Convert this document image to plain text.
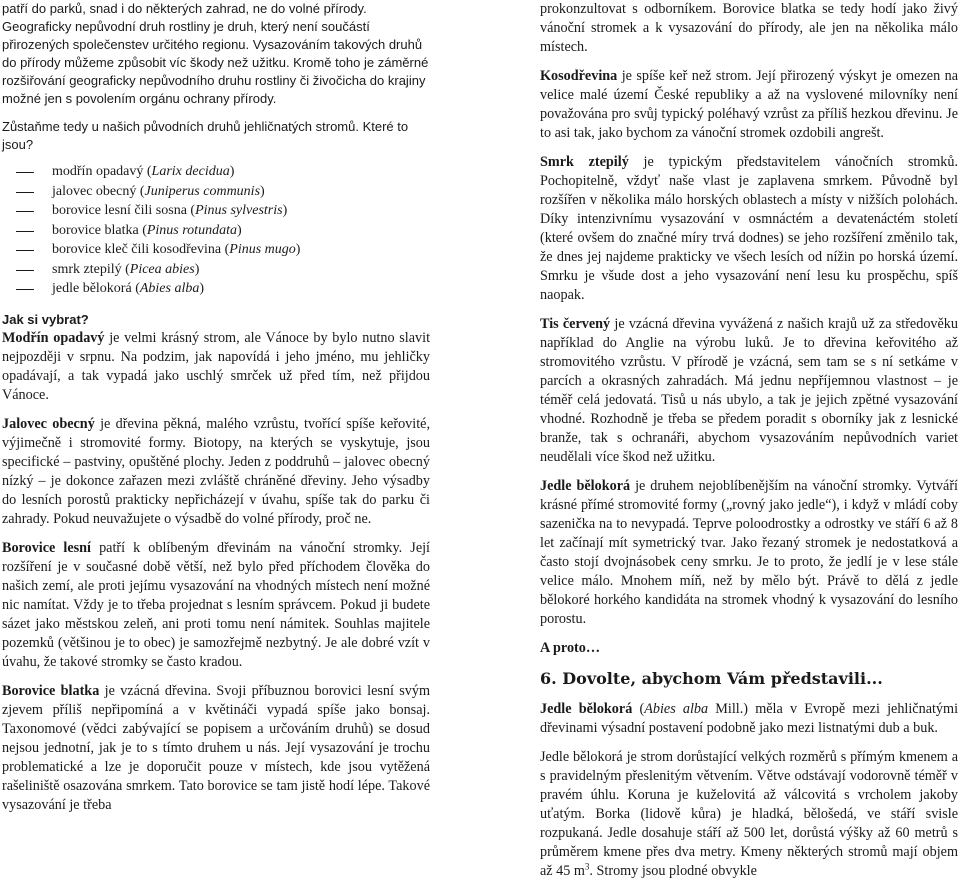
patří do parků, snad i do některých zahrad, ne do volné přírody. Geograficky nepůvodní druh rostliny je druh, který není součástí přirozených společenstev určitého regionu. Vysazováním takových druhů do přírody můžeme způsobit víc škody než užitku. Kromě toho je záměrné rozšiřování geograficky nepůvodního druhu rostliny či živočicha do krajiny možné jen s povolením orgánu ochrany přírody.

Zůstaňme tedy u našich původních druhů jehličnatých stromů. Které to jsou?

modřín opadavý (Larix decidua)
jalovec obecný (Juniperus communis)
borovice lesní čili sosna (Pinus sylvestris)
borovice blatka (Pinus rotundata)
borovice kleč čili kosodřevina (Pinus mugo)
smrk ztepilý (Picea abies)
jedle bělokorá (Abies alba)
Jak si vybrat?

Modřín opadavý je velmi krásný strom, ale Vánoce by bylo nutno slavit nejpozději v srpnu. Na podzim, jak napovídá i jeho jméno, mu jehličky opadávají, a tak vypadá jako uschlý smrček už před tím, než přijdou Vánoce.

Jalovec obecný je dřevina pěkná, malého vzrůstu, tvořící spíše keřovité, výjimečně i stromovité formy. Biotopy, na kterých se vyskytuje, jsou specifické – pastviny, opuštěné plochy. Jeden z poddruhů – jalovec obecný nízký – je dokonce zařazen mezi zvláště chráněné dřeviny. Jeho výsadby do lesních porostů prakticky nepřicházejí v úvahu, spíše tak do parku či zahrady. Pokud neuvažujete o výsadbě do volné přírody, proč ne.

Borovice lesní patří k oblíbeným dřevinám na vánoční stromky. Její rozšíření je v současné době větší, než bylo před příchodem člověka do našich zemí, ale proti jejímu vysazování na vhodných místech není možné nic namítat. Vždy je to třeba projednat s lesním správcem. Pokud ji budete sázet jako městskou zeleň, ani proti tomu není námitek. Souhlas majitele pozemků (většinou je to obec) je samozřejmě nezbytný. Je ale dobré vzít v úvahu, že takové stromky se často kradou.

Borovice blatka je vzácná dřevina. Svoji příbuznou borovici lesní svým zjevem příliš nepřipomíná a v květináči vypadá spíše jako bonsaj. Taxonomové (vědci zabývající se popisem a určováním druhů) se dosud nejsou jednotní, jak je to s tímto druhem u nás. Její vysazování je trochu problematické a lze je doporučit pouze v místech, kde jsou vytěžená rašeliniště osazována smrkem. Tato borovice se tam jistě hodí lépe. Takové vysazování je třeba

prokonzultovat s odborníkem. Borovice blatka se tedy hodí jako živý vánoční stromek a k vysazování do přírody, ale jen na několika málo místech.

Kosodřevina je spíše keř než strom. Její přirozený výskyt je omezen na velice malé území České republiky a až na vyslovené milovníky není považována pro svůj typický poléhavý vzrůst za příliš hezkou dřevinu. Je to asi tak, jako bychom za vánoční stromek ozdobili angrešt.

Smrk ztepilý je typickým představitelem vánočních stromků. Pochopitelně, vždyť naše vlast je zaplavena smrkem. Původně byl rozšířen v několika málo horských oblastech a místy v nižších polohách. Díky intenzivnímu vysazování v osmnáctém a devatenáctém století (které ovšem do značné míry trvá dodnes) se jeho rozšíření změnilo tak, že dnes jej najdeme prakticky ve všech lesích od nížin po horská území. Smrku je všude dost a jeho vysazování není lesu ku prospěchu, spíš naopak.

Tis červený je vzácná dřevina vyvážená z našich krajů už za středověku například do Anglie na výrobu luků. Je to dřevina keřovitého až stromovitého vzrůstu. V přírodě je vzácná, sem tam se s ní setkáme v parcích a okrasných zahradách. Má jednu nepříjemnou vlastnost – je téměř celá jedovatá. Tisů u nás ubylo, a tak je jejich zpětné vysazování vhodné. Rozhodně je třeba se předem poradit s oborníky jak z lesnické branže, tak s ochranáři, abychom vysazováním nepůvodních variet neudělali více škod než užitku.

Jedle bělokorá je druhem nejoblíbenějším na vánoční stromky. Vytváří krásné přímé stromovité formy („rovný jako jedle“), i když v mládí coby sazenička na to nevypadá. Teprve poloodrostky a odrostky ve stáří 6 až 8 let začínají mít symetrický tvar. Jako řezaný stromek je nedostatková a často stojí dvojnásobek ceny smrku. Je to proto, že jedlí je v lese stále velice málo. Mnohem míň, než by mělo být. Právě to dělá z jedle bělokoré horkého kandidáta na stromek vhodný k vysazování do lesního porostu.

A proto…

6. Dovolte, abychom Vám představili...

Jedle bělokorá (Abies alba Mill.) měla v Evropě mezi jehličnatými dřevinami výsadní postavení podobně jako mezi listnatými dub a buk.

Jedle bělokorá je strom dorůstající velkých rozměrů s přímým kmenem a s pravidelným přeslenitým větvením. Větve odstávají vodorovně téměř v pravém úhlu. Koruna je kuželovitá až válcovitá s vrcholem jakoby uťatým. Borka (lidově kůra) je hladká, bělošedá, ve stáří svisle rozpukaná. Jedle dosahuje stáří až 500 let, dorůstá výšky až 60 metrů s průměrem kmene přes dva metry. Kmeny některých stromů mají objem až 45 $m^3$. Stromy jsou plodné obvykle
